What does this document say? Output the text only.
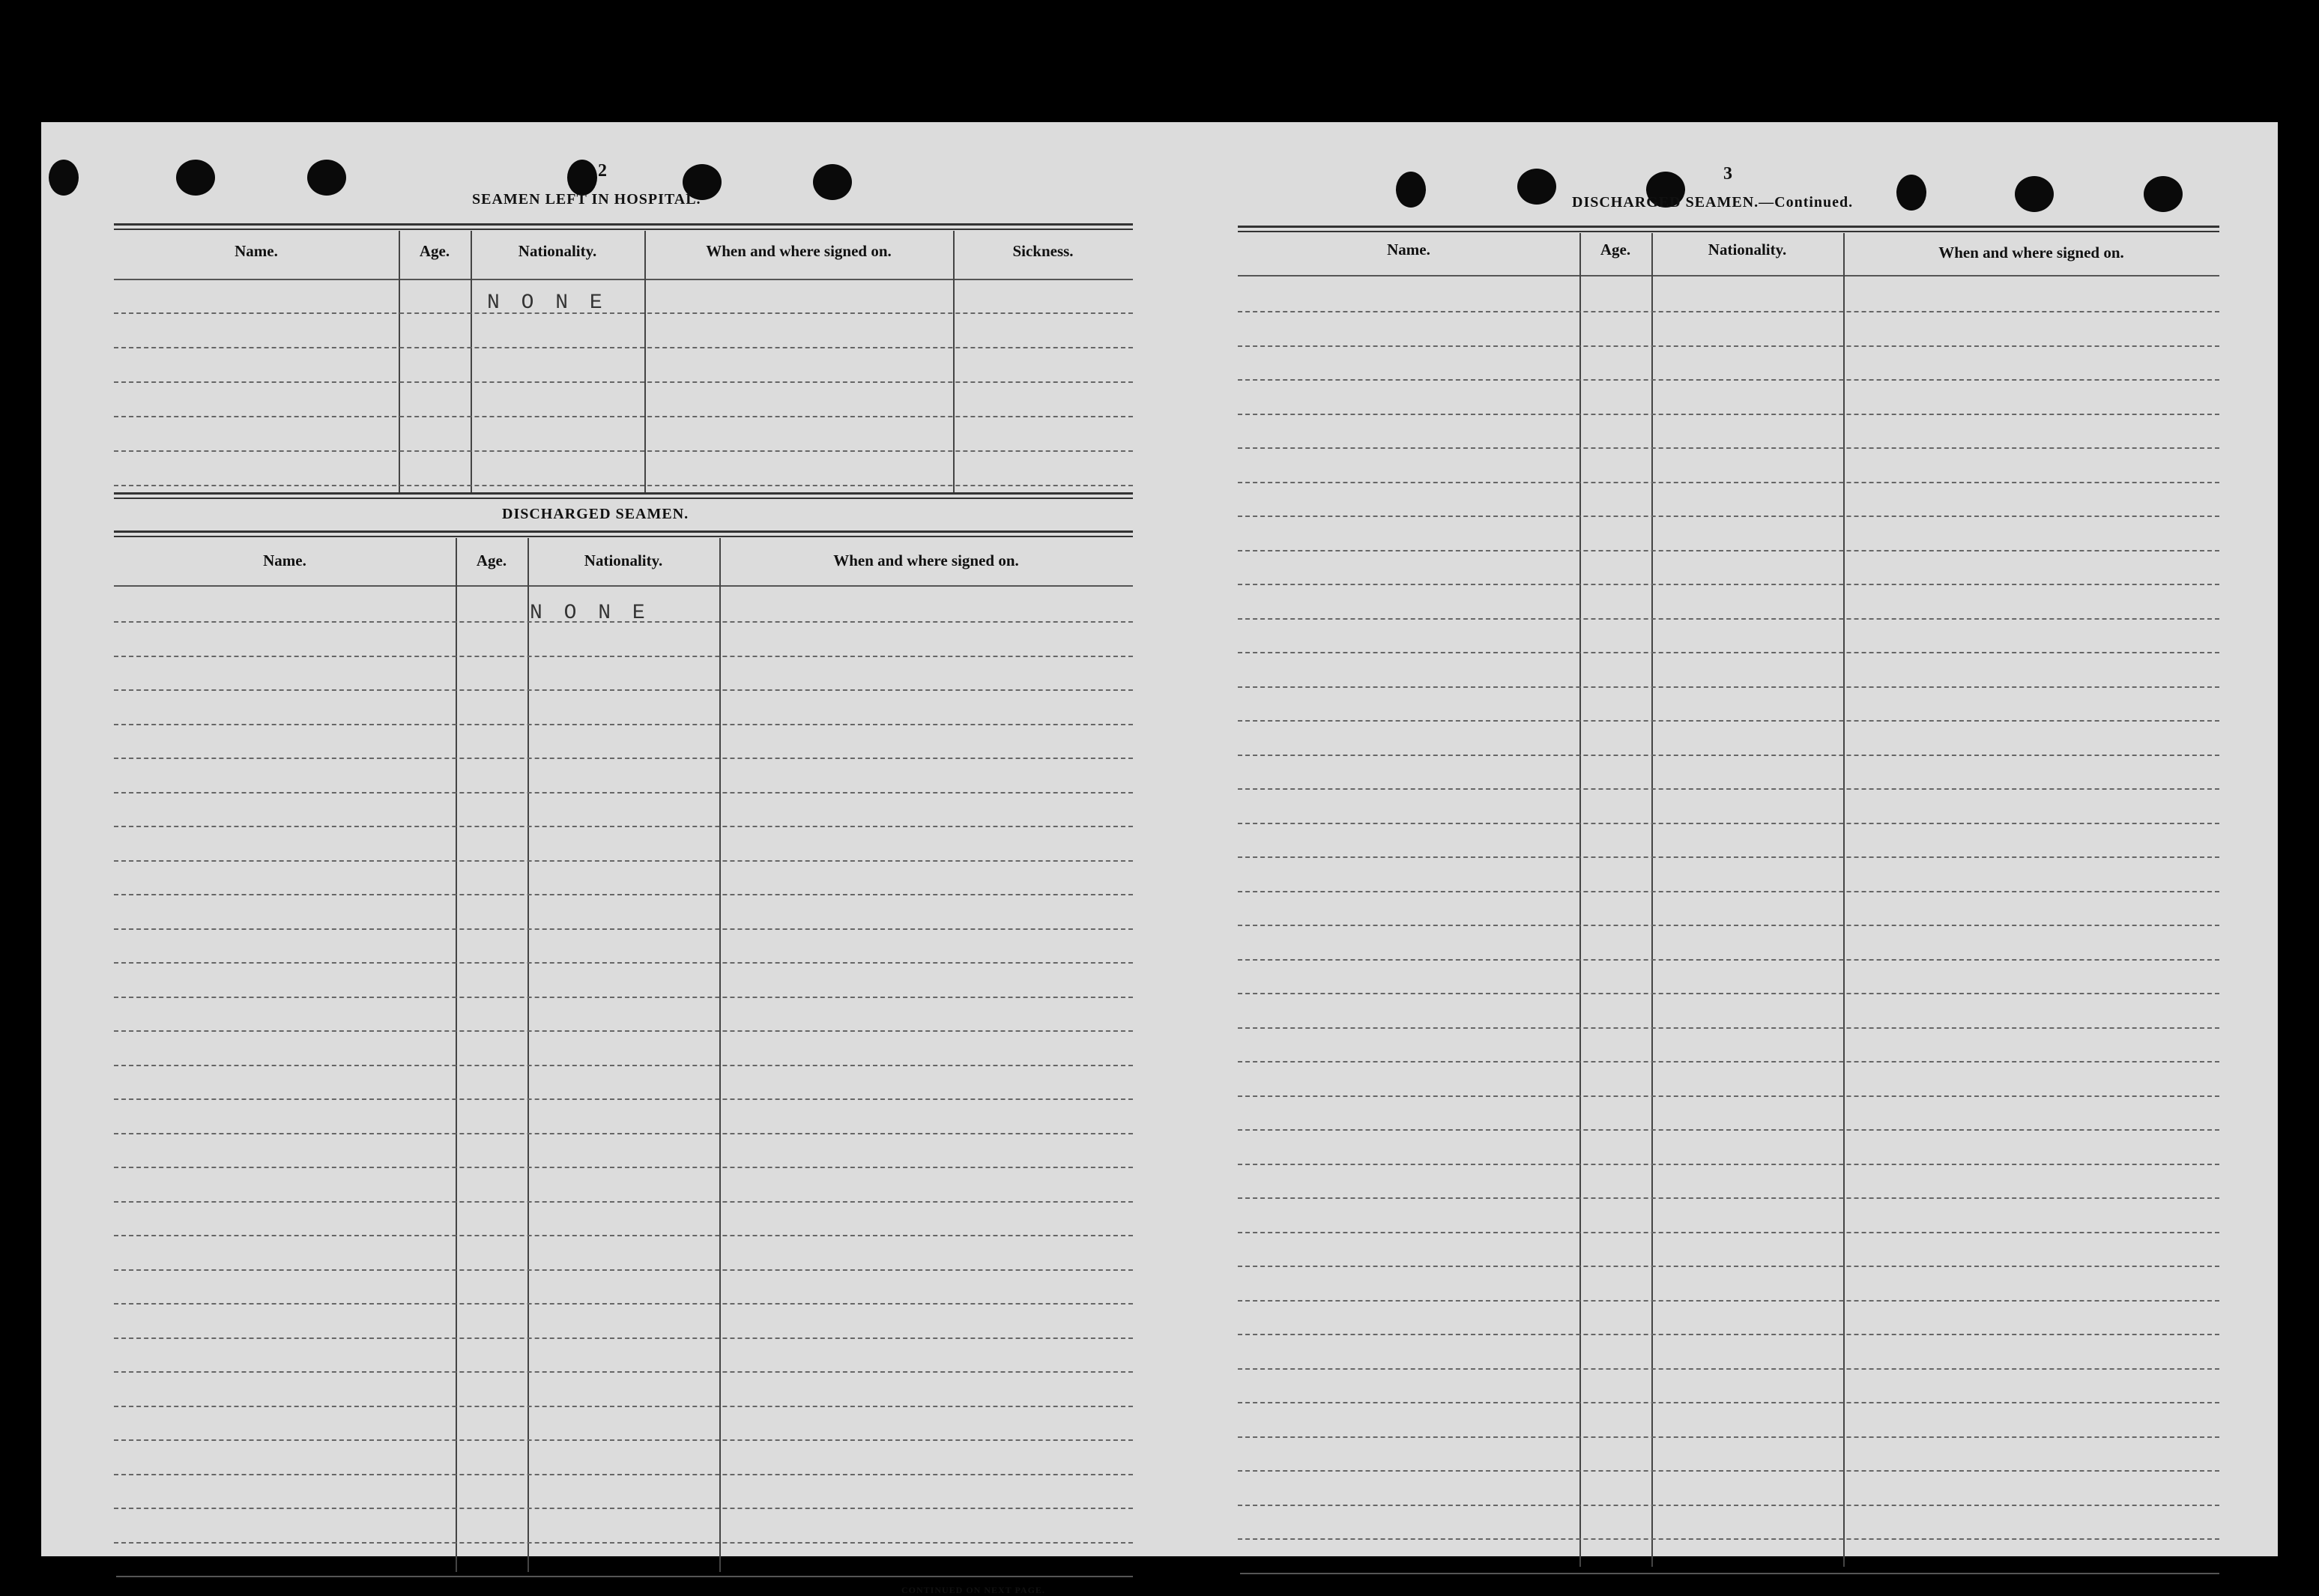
2
SEAMEN LEFT IN HOSPITAL.
Name.	Age.	Nationality.	When and where signed on.	Sickness.
N O N E
DISCHARGED SEAMEN.
Name.	Age.	Nationality.	When and where signed on.
N O N E
CONTINUED ON NEXT PAGE.
3
DISCHARGED SEAMEN.—Continued.
Name.	Age.	Nationality.	When and where signed on.
